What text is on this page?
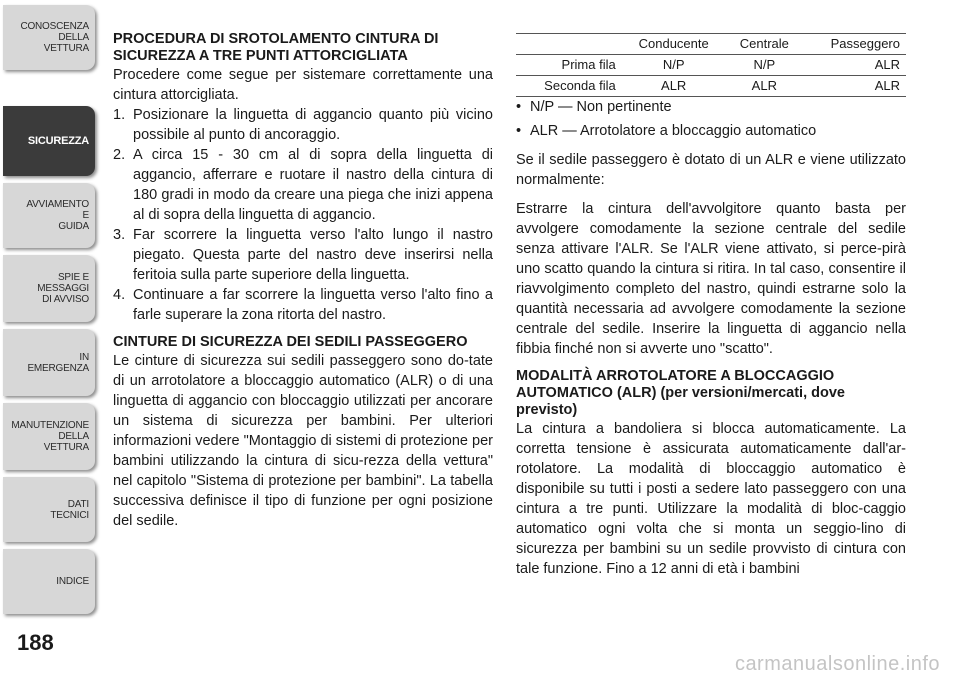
CONOSCENZA
DELLA
VETTURA
SICUREZZA
AVVIAMENTO
E
GUIDA
SPIE E
MESSAGGI
DI AVVISO
IN
EMERGENZA
MANUTENZIONE
DELLA
VETTURA
DATI
TECNICI
INDICE
188
PROCEDURA DI SROTOLAMENTO CINTURA DI SICUREZZA A TRE PUNTI ATTORCIGLIATA

Procedere come segue per sistemare correttamente una cintura attorcigliata.

1. Posizionare la linguetta di aggancio quanto più vicino possibile al punto di ancoraggio.
2. A circa 15 - 30 cm al di sopra della linguetta di aggancio, afferrare e ruotare il nastro della cintura di 180 gradi in modo da creare una piega che inizi appena al di sopra della linguetta di aggancio.
3. Far scorrere la linguetta verso l'alto lungo il nastro piegato. Questa parte del nastro deve inserirsi nella feritoia sulla parte superiore della linguetta.
4. Continuare a far scorrere la linguetta verso l'alto fino a farle superare la zona ritorta del nastro.
CINTURE DI SICUREZZA DEI SEDILI PASSEGGERO

Le cinture di sicurezza sui sedili passeggero sono do-tate di un arrotolatore a bloccaggio automatico (ALR) o di una linguetta di aggancio con bloccaggio utilizzati per ancorare un sistema di sicurezza per bambini. Per ulteriori informazioni vedere "Montaggio di sistemi di protezione per bambini utilizzando la cintura di sicu-rezza della vettura" nel capitolo "Sistema di protezione per bambini". La tabella successiva definisce il tipo di funzione per ogni posizione del sedile.

	Conducente	Centrale	Passeggero
Prima fila	N/P	N/P	ALR
Seconda fila	ALR	ALR	ALR
• N/P — Non pertinente
• ALR — Arrotolatore a bloccaggio automatico

Se il sedile passeggero è dotato di un ALR e viene utilizzato normalmente:

Estrarre la cintura dell'avvolgitore quanto basta per avvolgere comodamente la sezione centrale del sedile senza attivare l'ALR. Se l'ALR viene attivato, si perce-pirà uno scatto quando la cintura si ritira. In tal caso, consentire il riavvolgimento completo del nastro, quindi estrarne solo la quantità necessaria ad avvolgere comodamente la sezione centrale del sedile. Inserire la linguetta di aggancio nella fibbia finché non si avverte uno "scatto".

MODALITÀ ARROTOLATORE A BLOCCAGGIO AUTOMATICO (ALR) (per versioni/mercati, dove previsto)

La cintura a bandoliera si blocca automaticamente. La corretta tensione è assicurata automaticamente dall'ar-rotolatore. La modalità di bloccaggio automatico è disponibile su tutti i posti a sedere lato passeggero con una cintura a tre punti. Utilizzare la modalità di bloc-caggio automatico ogni volta che si monta un seggio-lino di sicurezza per bambini su un sedile provvisto di cintura con tale funzione. Fino a 12 anni di età i bambini

carmanualsonline.info
